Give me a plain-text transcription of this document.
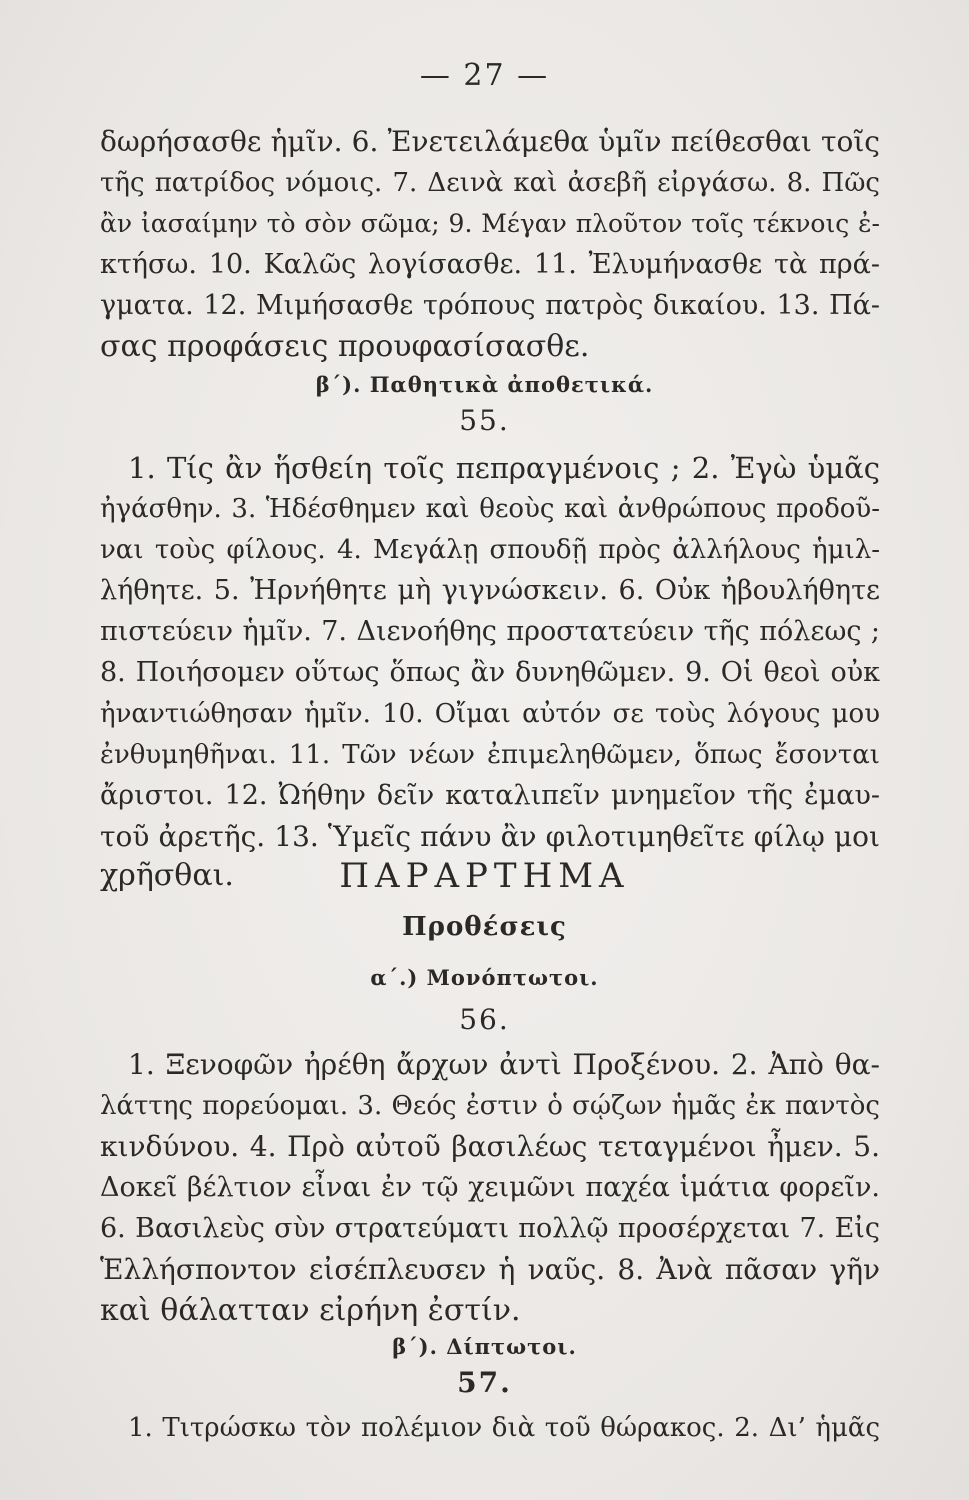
— 27 —
δωρήσασθε ἡμῖν. 6. Ἐνετειλάμεθα ὑμῖν πείθεσθαι τοῖς
τῆς πατρίδος νόμοις. 7. Δεινὰ καὶ ἀσεβῆ εἰργάσω. 8. Πῶς
ἂν ἰασαίμην τὸ σὸν σῶμα; 9. Μέγαν πλοῦτον τοῖς τέκνοις ἐ-
κτήσω. 10. Καλῶς λογίσασθε. 11. Ἐλυμήνασθε τὰ πρά-
γματα. 12. Μιμήσασθε τρόπους πατρὸς δικαίου. 13. Πά-
σας προφάσεις προυφασίσασθε.
β΄). Παθητικὰ ἀποθετικά.
55.
1. Τίς ἂν ἥσθείη τοῖς πεπραγμένοις ; 2. Ἐγὼ ὑμᾶς
ἠγάσθην. 3. Ἡδέσθημεν καὶ θεοὺς καὶ ἀνθρώπους προδοῦ-
ναι τοὺς φίλους. 4. Μεγάλῃ σπουδῇ πρὸς ἀλλήλους ἡμιλ-
λήθητε. 5. Ἠρνήθητε μὴ γιγνώσκειν. 6. Οὐκ ἠβουλήθητε
πιστεύειν ἡμῖν. 7. Διενοήθης προστατεύειν τῆς πόλεως ;
8. Ποιήσομεν οὕτως ὅπως ἂν δυνηθῶμεν. 9. Οἱ θεοὶ οὐκ
ἠναντιώθησαν ἡμῖν. 10. Οἴμαι αὐτόν σε τοὺς λόγους μου
ἐνθυμηθῆναι. 11. Τῶν νέων ἐπιμεληθῶμεν, ὅπως ἔσονται
ἄριστοι. 12. Ὠήθην δεῖν καταλιπεῖν μνημεῖον τῆς ἐμαυ-
τοῦ ἀρετῆς. 13. Ὑμεῖς πάνυ ἂν φιλοτιμηθεῖτε φίλῳ μοι
χρῆσθαι.	ΠΑΡΑΡΤΗΜΑ
Προθέσεις
α΄.) Μονόπτωτοι.
56.
1. Ξενοφῶν ἠρέθη ἄρχων ἀντὶ Προξένου. 2. Ἀπὸ θα-
λάττης πορεύομαι. 3. Θεός ἐστιν ὁ σῴζων ἡμᾶς ἐκ παντὸς
κινδύνου. 4. Πρὸ αὐτοῦ βασιλέως τεταγμένοι ἦμεν. 5.
Δοκεῖ βέλτιον εἶναι ἐν τῷ χειμῶνι παχέα ἱμάτια φορεῖν.
6. Βασιλεὺς σὺν στρατεύματι πολλῷ προσέρχεται 7. Εἰς
Ἑλλήσποντον εἰσέπλευσεν ἡ ναῦς. 8. Ἀνὰ πᾶσαν γῆν
καὶ θάλατταν εἰρήνη ἐστίν.
β΄). Δίπτωτοι.
57.
1. Τιτρώσκω τὸν πολέμιον διὰ τοῦ θώρακος. 2. Δι’ ἡμᾶς
